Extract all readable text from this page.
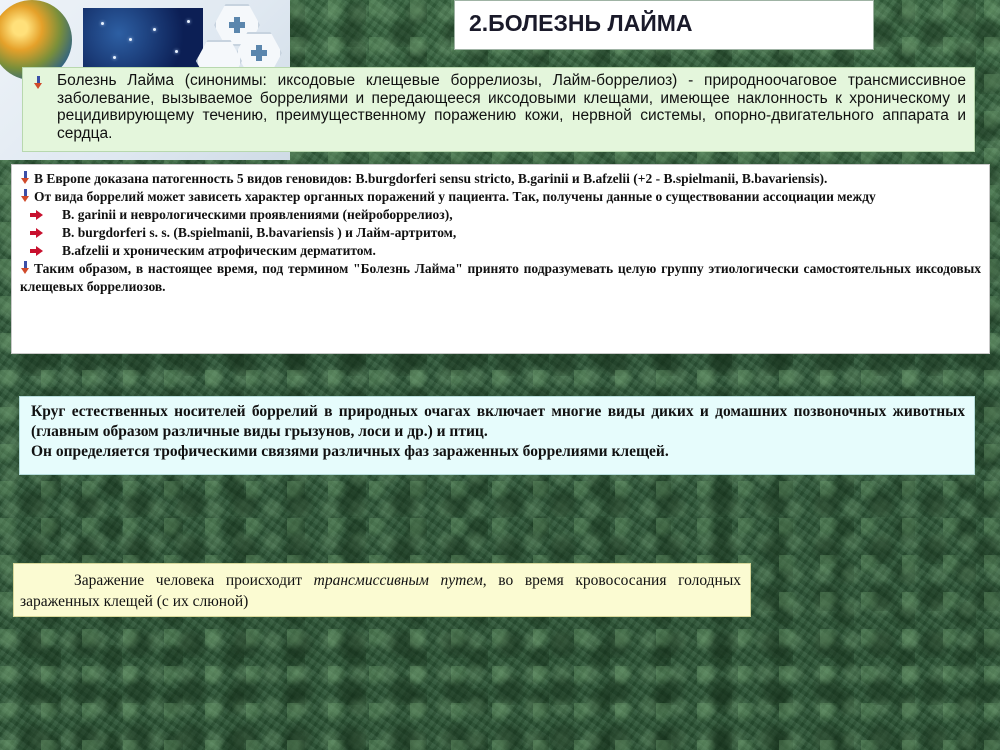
2.БОЛЕЗНЬ ЛАЙМА
Болезнь Лайма (синонимы: иксодовые клещевые боррелиозы, Лайм-боррелиоз) - природноочаговое трансмиссивное заболевание, вызываемое боррелиями и передающееся иксодовыми клещами, имеющее наклонность к хроническому и рецидивирующему течению, преимущественному поражению кожи, нервной системы, опорно-двигательного аппарата и сердца.
В Европе доказана патогенность 5 видов геновидов: B.burgdorferi sensu stricto, B.garinii и B.afzelii (+2 - B.spielmanii, B.bavariensis).
От вида боррелий может зависеть характер органных поражений у пациента. Так, получены данные о существовании ассоциации между
B. garinii и неврологическими проявлениями (нейроборрелиоз),
B. burgdorferi s. s. (B.spielmanii, B.bavariensis ) и Лайм-артритом,
B.afzelii и хроническим атрофическим дерматитом.
Таким образом, в настоящее время, под термином "Болезнь Лайма" принято подразумевать целую группу этиологически самостоятельных иксодовых клещевых боррелиозов.
Круг естественных носителей боррелий в природных очагах включает многие виды диких и домашних позвоночных животных (главным образом различные виды грызунов, лоси и др.) и птиц.
Он определяется трофическими связями различных фаз зараженных боррелиями клещей.
Заражение человека происходит трансмиссивным путем, во время кровососания голодных зараженных клещей (с их слюной)
